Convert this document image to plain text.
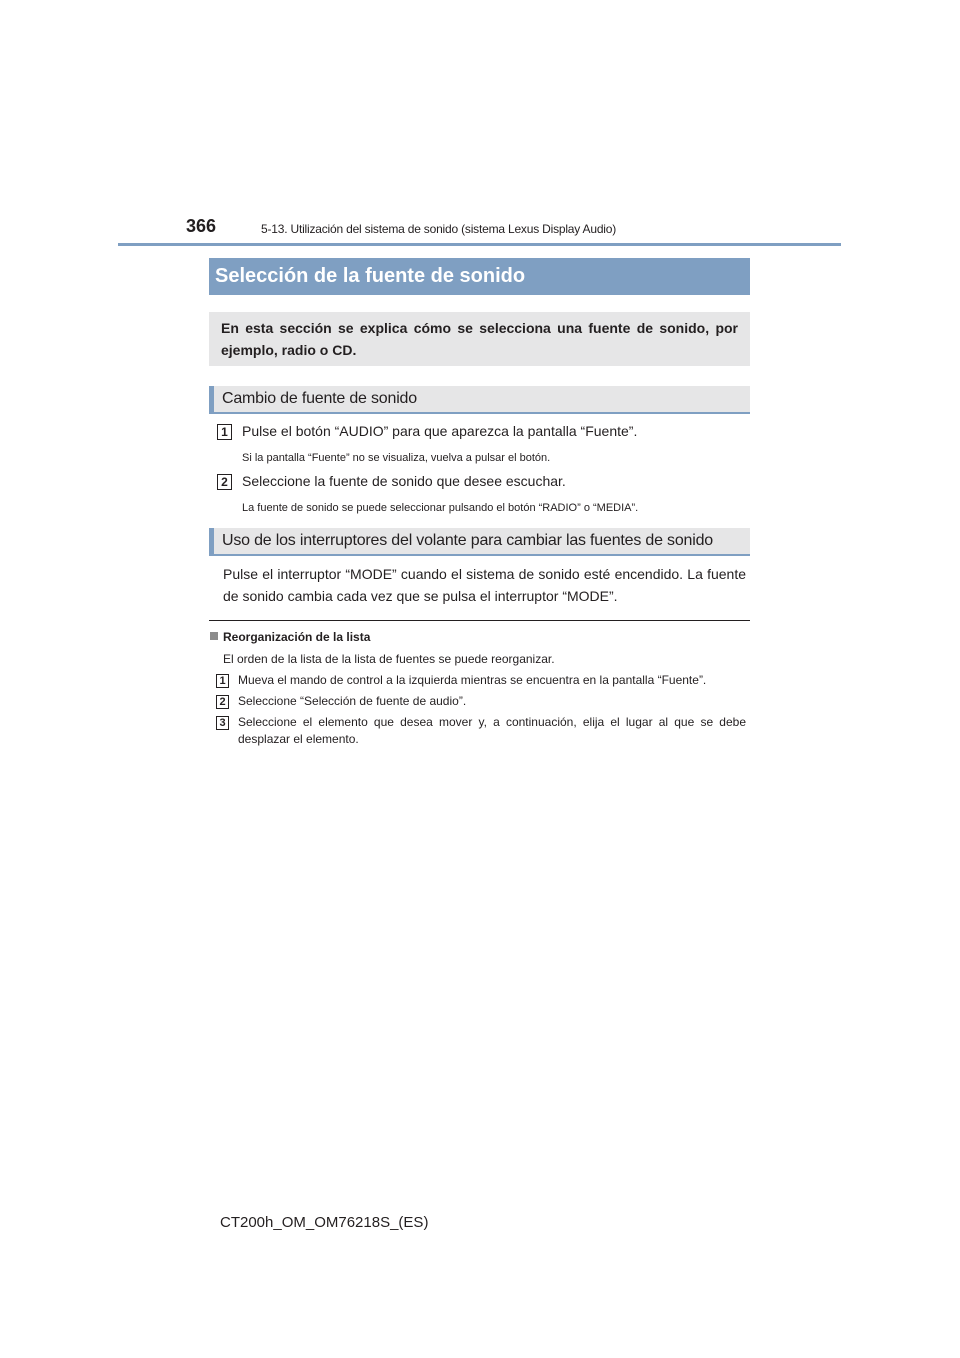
366	5-13. Utilización del sistema de sonido (sistema Lexus Display Audio)
Selección de la fuente de sonido
En esta sección se explica cómo se selecciona una fuente de sonido, por ejemplo, radio o CD.
Cambio de fuente de sonido
1 Pulse el botón “AUDIO” para que aparezca la pantalla “Fuente”.
Si la pantalla “Fuente” no se visualiza, vuelva a pulsar el botón.
2 Seleccione la fuente de sonido que desee escuchar.
La fuente de sonido se puede seleccionar pulsando el botón “RADIO” o “MEDIA”.
Uso de los interruptores del volante para cambiar las fuentes de sonido
Pulse el interruptor “MODE” cuando el sistema de sonido esté encendido. La fuente de sonido cambia cada vez que se pulsa el interruptor “MODE”.
Reorganización de la lista
El orden de la lista de la lista de fuentes se puede reorganizar.
1 Mueva el mando de control a la izquierda mientras se encuentra en la pantalla “Fuente”.
2 Seleccione “Selección de fuente de audio”.
3 Seleccione el elemento que desea mover y, a continuación, elija el lugar al que se debe desplazar el elemento.
CT200h_OM_OM76218S_(ES)
